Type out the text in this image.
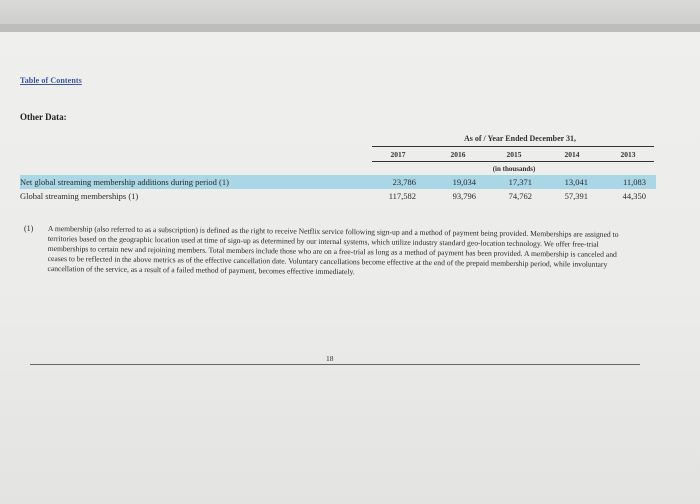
Table of Contents
Other Data:
As of / Year Ended December 31,
2017	2016	2015	2014	2013
(in thousands)
Net global streaming membership additions during period (1)	23,786	19,034	17,371	13,041	11,083
Global streaming memberships (1)	117,582	93,796	74,762	57,391	44,350
(1) A membership (also referred to as a subscription) is defined as the right to receive Netflix service following sign-up and a method of payment being provided. Memberships are assigned to territories based on the geographic location used at time of sign-up as determined by our internal systems, which utilize industry standard geo-location technology. We offer free-trial memberships to certain new and rejoining members. Total members include those who are on a free-trial as long as a method of payment has been provided. A membership is canceled and ceases to be reflected in the above metrics as of the effective cancellation date. Voluntary cancellations become effective at the end of the prepaid membership period, while involuntary cancellation of the service, as a result of a failed method of payment, becomes effective immediately.
18
